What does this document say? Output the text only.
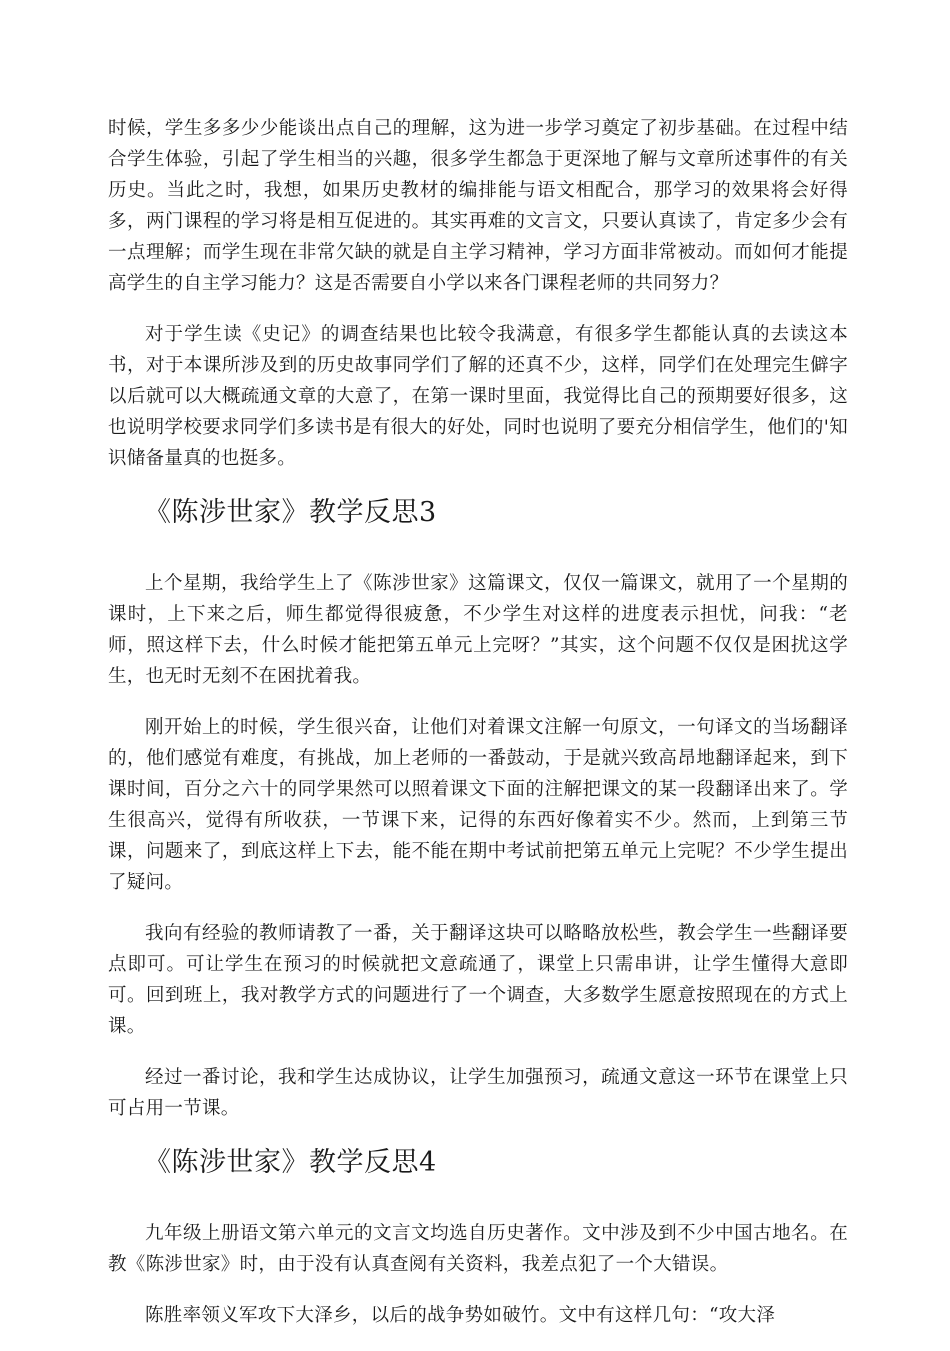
时候，学生多多少少能谈出点自己的理解，这为进一步学习奠定了初步基础。在过程中结合学生体验，引起了学生相当的兴趣，很多学生都急于更深地了解与文章所述事件的有关历史。当此之时，我想，如果历史教材的编排能与语文相配合，那学习的效果将会好得多，两门课程的学习将是相互促进的。其实再难的文言文，只要认真读了，肯定多少会有一点理解；而学生现在非常欠缺的就是自主学习精神，学习方面非常被动。而如何才能提高学生的自主学习能力？这是否需要自小学以来各门课程老师的共同努力？

对于学生读《史记》的调查结果也比较令我满意，有很多学生都能认真的去读这本书，对于本课所涉及到的历史故事同学们了解的还真不少，这样，同学们在处理完生僻字以后就可以大概疏通文章的大意了，在第一课时里面，我觉得比自己的预期要好很多，这也说明学校要求同学们多读书是有很大的好处，同时也说明了要充分相信学生，他们的'知识储备量真的也挺多。

《陈涉世家》教学反思3

上个星期，我给学生上了《陈涉世家》这篇课文，仅仅一篇课文，就用了一个星期的课时，上下来之后，师生都觉得很疲惫，不少学生对这样的进度表示担忧，问我：“老师，照这样下去，什么时候才能把第五单元上完呀？”其实，这个问题不仅仅是困扰这学生，也无时无刻不在困扰着我。

刚开始上的时候，学生很兴奋，让他们对着课文注解一句原文，一句译文的当场翻译的，他们感觉有难度，有挑战，加上老师的一番鼓动，于是就兴致高昂地翻译起来，到下课时间，百分之六十的同学果然可以照着课文下面的注解把课文的某一段翻译出来了。学生很高兴，觉得有所收获，一节课下来，记得的东西好像着实不少。然而，上到第三节课，问题来了，到底这样上下去，能不能在期中考试前把第五单元上完呢？不少学生提出了疑问。

我向有经验的教师请教了一番，关于翻译这块可以略略放松些，教会学生一些翻译要点即可。可让学生在预习的时候就把文意疏通了，课堂上只需串讲，让学生懂得大意即可。回到班上，我对教学方式的问题进行了一个调查，大多数学生愿意按照现在的方式上课。

经过一番讨论，我和学生达成协议，让学生加强预习，疏通文意这一环节在课堂上只可占用一节课。

《陈涉世家》教学反思4

九年级上册语文第六单元的文言文均选自历史著作。文中涉及到不少中国古地名。在教《陈涉世家》时，由于没有认真查阅有关资料，我差点犯了一个大错误。

陈胜率领义军攻下大泽乡，以后的战争势如破竹。文中有这样几句：“攻大泽
